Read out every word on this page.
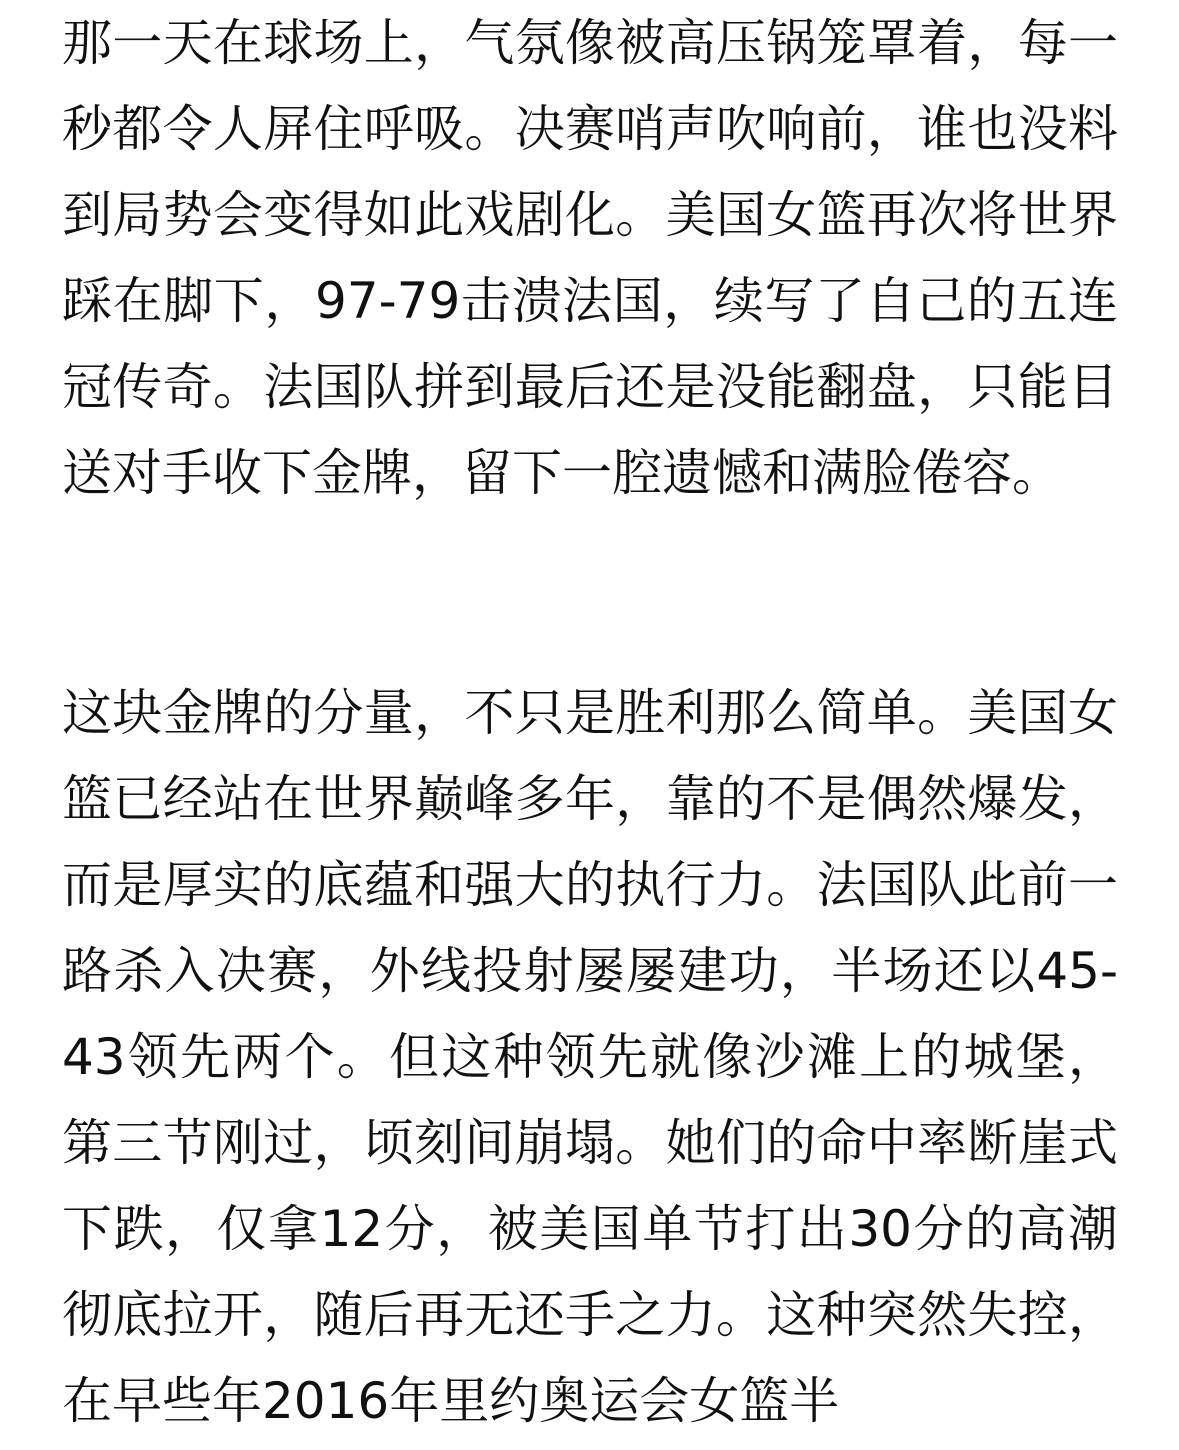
那一天在球场上，气氛像被高压锅笼罩着，每一秒都令人屏住呼吸。决赛哨声吹响前，谁也没料到局势会变得如此戏剧化。美国女篮再次将世界踩在脚下，97-79击溃法国，续写了自己的五连冠传奇。法国队拼到最后还是没能翻盘，只能目送对手收下金牌，留下一腔遗憾和满脸倦容。

这块金牌的分量，不只是胜利那么简单。美国女篮已经站在世界巅峰多年，靠的不是偶然爆发，而是厚实的底蕴和强大的执行力。法国队此前一路杀入决赛，外线投射屡屡建功，半场还以45-43领先两个。但这种领先就像沙滩上的城堡，第三节刚过，顷刻间崩塌。她们的命中率断崖式下跌，仅拿12分，被美国单节打出30分的高潮彻底拉开，随后再无还手之力。这种突然失控，在早些年2016年里约奥运会女篮半
